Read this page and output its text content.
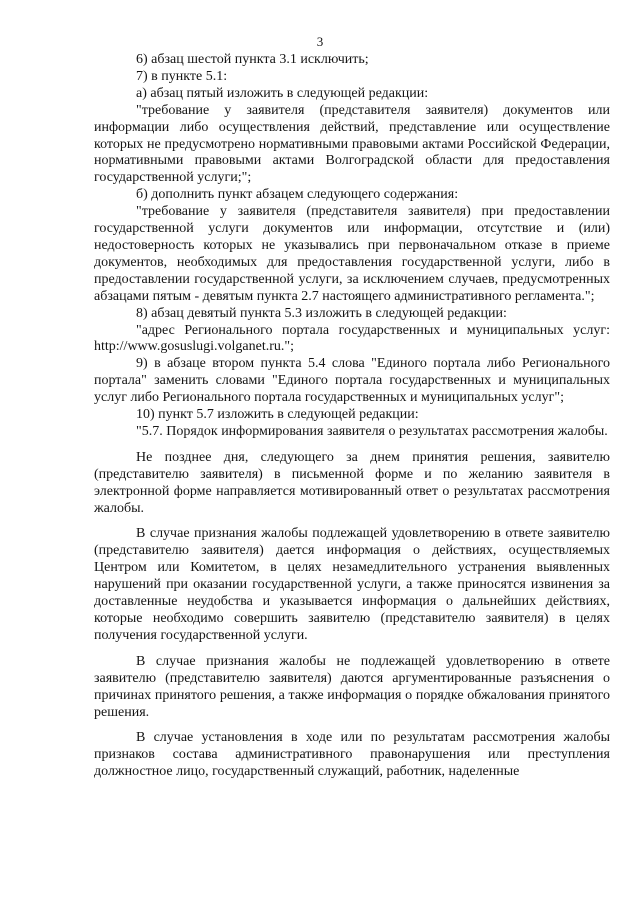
3

6) абзац шестой пункта 3.1 исключить;

7) в пункте 5.1:

а) абзац пятый изложить в следующей редакции:

"требование у заявителя (представителя заявителя) документов или информации либо осуществления действий, представление или осуществление которых не предусмотрено нормативными правовыми актами Российской Федерации, нормативными правовыми актами Волгоградской области для предоставления государственной услуги;";

б) дополнить пункт абзацем следующего содержания:

"требование у заявителя (представителя заявителя) при предоставлении государственной услуги документов или информации, отсутствие и (или) недостоверность которых не указывались при первоначальном отказе в приеме документов, необходимых для предоставления государственной услуги, либо в предоставлении государственной услуги, за исключением случаев, предусмотренных абзацами пятым - девятым пункта 2.7 настоящего административного регламента.";

8) абзац девятый пункта 5.3 изложить в следующей редакции:

"адрес Регионального портала государственных и муниципальных услуг: http://www.gosuslugi.volganet.ru.";

9) в абзаце втором пункта 5.4 слова "Единого портала либо Регионального портала" заменить словами "Единого портала государственных и муниципальных услуг либо Регионального портала государственных и муниципальных услуг";

10) пункт 5.7 изложить в следующей редакции:

"5.7. Порядок информирования заявителя о результатах рассмотрения жалобы.

Не позднее дня, следующего за днем принятия решения, заявителю (представителю заявителя) в письменной форме и по желанию заявителя в электронной форме направляется мотивированный ответ о результатах рассмотрения жалобы.

В случае признания жалобы подлежащей удовлетворению в ответе заявителю (представителю заявителя) дается информация о действиях, осуществляемых Центром или Комитетом, в целях незамедлительного устранения выявленных нарушений при оказании государственной услуги, а также приносятся извинения за доставленные неудобства и указывается информация о дальнейших действиях, которые необходимо совершить заявителю (представителю заявителя) в целях получения государственной услуги.

В случае признания жалобы не подлежащей удовлетворению в ответе заявителю (представителю заявителя) даются аргументированные разъяснения о причинах принятого решения, а также информация о порядке обжалования принятого решения.

В случае установления в ходе или по результатам рассмотрения жалобы признаков состава административного правонарушения или преступления должностное лицо, государственный служащий, работник, наделенные
